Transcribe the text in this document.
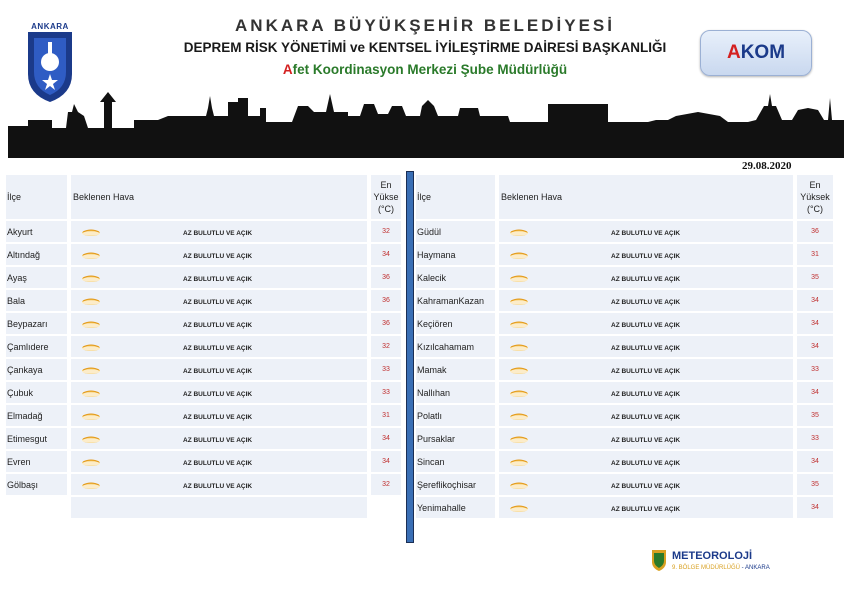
ANKARA	ANKARA BÜYÜKŞEHİR BELEDİYESİ
DEPREM RİSK YÖNETİMİ ve KENTSEL İYİLEŞTİRME DAİRESİ BAŞKANLIĞI
Afet Koordinasyon Merkezi Şube Müdürlüğü
AKOM
29.08.2020
İlçe		Beklenen Hava		En
Yükse
(°C)

Akyurt		AZ BULUTLU VE AÇIK		32
Altındağ		AZ BULUTLU VE AÇIK		34
Ayaş		AZ BULUTLU VE AÇIK		36
Bala		AZ BULUTLU VE AÇIK		36
Beypazarı		AZ BULUTLU VE AÇIK		36
Çamlıdere		AZ BULUTLU VE AÇIK		32
Çankaya		AZ BULUTLU VE AÇIK		33
Çubuk		AZ BULUTLU VE AÇIK		33
Elmadağ		AZ BULUTLU VE AÇIK		31
Etimesgut		AZ BULUTLU VE AÇIK		34
Evren		AZ BULUTLU VE AÇIK		34
Gölbaşı		AZ BULUTLU VE AÇIK		32

İlçe		Beklenen Hava		En
Yüksek
(°C)

Güdül		AZ BULUTLU VE AÇIK		36
Haymana		AZ BULUTLU VE AÇIK		31
Kalecik		AZ BULUTLU VE AÇIK		35
KahramanKazan		AZ BULUTLU VE AÇIK		34
Keçiören		AZ BULUTLU VE AÇIK		34
Kızılcahamam		AZ BULUTLU VE AÇIK		34
Mamak		AZ BULUTLU VE AÇIK		33
Nallıhan		AZ BULUTLU VE AÇIK		34
Polatlı		AZ BULUTLU VE AÇIK		35
Pursaklar		AZ BULUTLU VE AÇIK		33
Sincan		AZ BULUTLU VE AÇIK		34
Şereflikoçhisar		AZ BULUTLU VE AÇIK		35
Yenimahalle		AZ BULUTLU VE AÇIK		34
METEOROLOJİ
9. BÖLGE MÜDÜRLÜĞÜ - ANKARA
